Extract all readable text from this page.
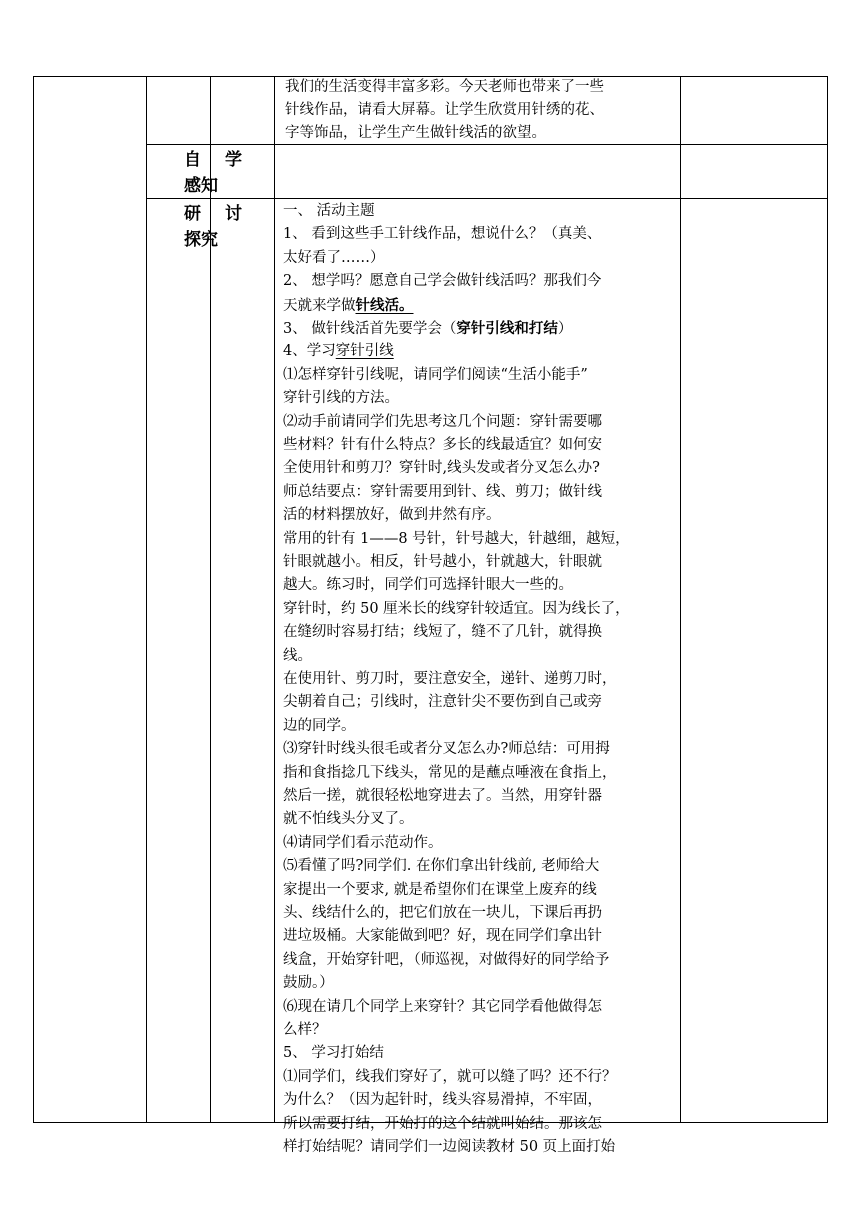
我们的生活变得丰富多彩。今天老师也带来了一些
针线作品，请看大屏幕。让学生欣赏用针绣的花、
字等饰品，让学生产生做针线活的欲望。
自 学
感知
研 讨
探究
一、 活动主题
1、 看到这些手工针线作品，想说什么？（真美、
太好看了……）
2、 想学吗？愿意自己学会做针线活吗？那我们今
天就来学做针线活。
3、 做针线活首先要学会（穿针引线和打结）
4、学习穿针引线
⑴怎样穿针引线呢，请同学们阅读“生活小能手”
穿针引线的方法。
⑵动手前请同学们先思考这几个问题：穿针需要哪
些材料？针有什么特点？多长的线最适宜？如何安
全使用针和剪刀？穿针时,线头发或者分叉怎么办?
师总结要点：穿针需要用到针、线、剪刀；做针线
活的材料摆放好，做到井然有序。
常用的针有 1——8 号针，针号越大，针越细，越短，
针眼就越小。相反，针号越小，针就越大，针眼就
越大。练习时，同学们可选择针眼大一些的。
穿针时，约 50 厘米长的线穿针较适宜。因为线长了，
在缝纫时容易打结；线短了，缝不了几针，就得换
线。
在使用针、剪刀时，要注意安全，递针、递剪刀时，
尖朝着自己；引线时，注意针尖不要伤到自己或旁
边的同学。
⑶穿针时线头很毛或者分叉怎么办?师总结：可用拇
指和食指捻几下线头，常见的是蘸点唾液在食指上，
然后一搓，就很轻松地穿进去了。当然，用穿针器
就不怕线头分叉了。
⑷请同学们看示范动作。
⑸看懂了吗?同学们. 在你们拿出针线前, 老师给大
家提出一个要求, 就是希望你们在课堂上废弃的线
头、线结什么的，把它们放在一块儿，下课后再扔
进垃圾桶。大家能做到吧？好，现在同学们拿出针
线盒，开始穿针吧，（师巡视，对做得好的同学给予
鼓励。）
⑹现在请几个同学上来穿针？其它同学看他做得怎
么样？
5、 学习打始结
⑴同学们，线我们穿好了，就可以缝了吗？还不行？
为什么？（因为起针时，线头容易滑掉，不牢固，
所以需要打结，开始打的这个结就叫始结。那该怎
样打始结呢？请同学们一边阅读教材 50 页上面打始
